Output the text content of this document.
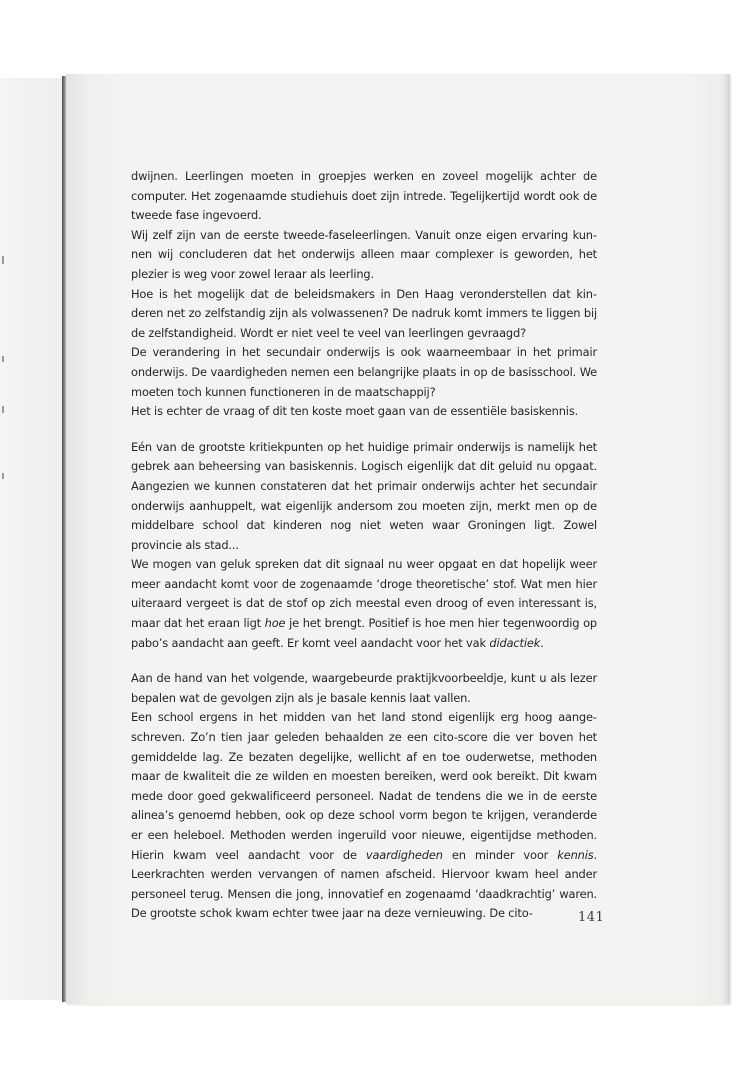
dwijnen. Leerlingen moeten in groepjes werken en zoveel mogelijk achter de computer. Het zogenaamde studiehuis doet zijn intrede. Tegelijkertijd wordt ook de tweede fase ingevoerd.

Wij zelf zijn van de eerste tweede-faseleerlingen. Vanuit onze eigen ervaring kunnen wij concluderen dat het onderwijs alleen maar complexer is geworden, het plezier is weg voor zowel leraar als leerling.

Hoe is het mogelijk dat de beleidsmakers in Den Haag veronderstellen dat kinderen net zo zelfstandig zijn als volwassenen? De nadruk komt immers te liggen bij de zelfstandigheid. Wordt er niet veel te veel van leerlingen gevraagd?

De verandering in het secundair onderwijs is ook waarneembaar in het primair onderwijs. De vaardigheden nemen een belangrijke plaats in op de basisschool. We moeten toch kunnen functioneren in de maatschappij?

Het is echter de vraag of dit ten koste moet gaan van de essentiële basiskennis.

Eén van de grootste kritiekpunten op het huidige primair onderwijs is namelijk het gebrek aan beheersing van basiskennis. Logisch eigenlijk dat dit geluid nu opgaat. Aangezien we kunnen constateren dat het primair onderwijs achter het secundair onderwijs aanhuppelt, wat eigenlijk andersom zou moeten zijn, merkt men op de middelbare school dat kinderen nog niet weten waar Groningen ligt. Zowel provincie als stad...

We mogen van geluk spreken dat dit signaal nu weer opgaat en dat hopelijk weer meer aandacht komt voor de zogenaamde ‘droge theoretische’ stof. Wat men hier uiteraard vergeet is dat de stof op zich meestal even droog of even interessant is, maar dat het eraan ligt hoe je het brengt. Positief is hoe men hier tegenwoordig op pabo’s aandacht aan geeft. Er komt veel aandacht voor het vak didactiek.

Aan de hand van het volgende, waargebeurde praktijkvoorbeeldje, kunt u als lezer bepalen wat de gevolgen zijn als je basale kennis laat vallen.

Een school ergens in het midden van het land stond eigenlijk erg hoog aangeschreven. Zo’n tien jaar geleden behaalden ze een cito-score die ver boven het gemiddelde lag. Ze bezaten degelijke, wellicht af en toe ouderwetse, methoden maar de kwaliteit die ze wilden en moesten bereiken, werd ook bereikt. Dit kwam mede door goed gekwalificeerd personeel. Nadat de tendens die we in de eerste alinea’s genoemd hebben, ook op deze school vorm begon te krijgen, veranderde er een heleboel. Methoden werden ingeruild voor nieuwe, eigentijdse methoden. Hierin kwam veel aandacht voor de vaardigheden en minder voor kennis. Leerkrachten werden vervangen of namen afscheid. Hiervoor kwam heel ander personeel terug. Mensen die jong, innovatief en zogenaamd ‘daadkrachtig’ waren. De grootste schok kwam echter twee jaar na deze vernieuwing. De cito-	141
